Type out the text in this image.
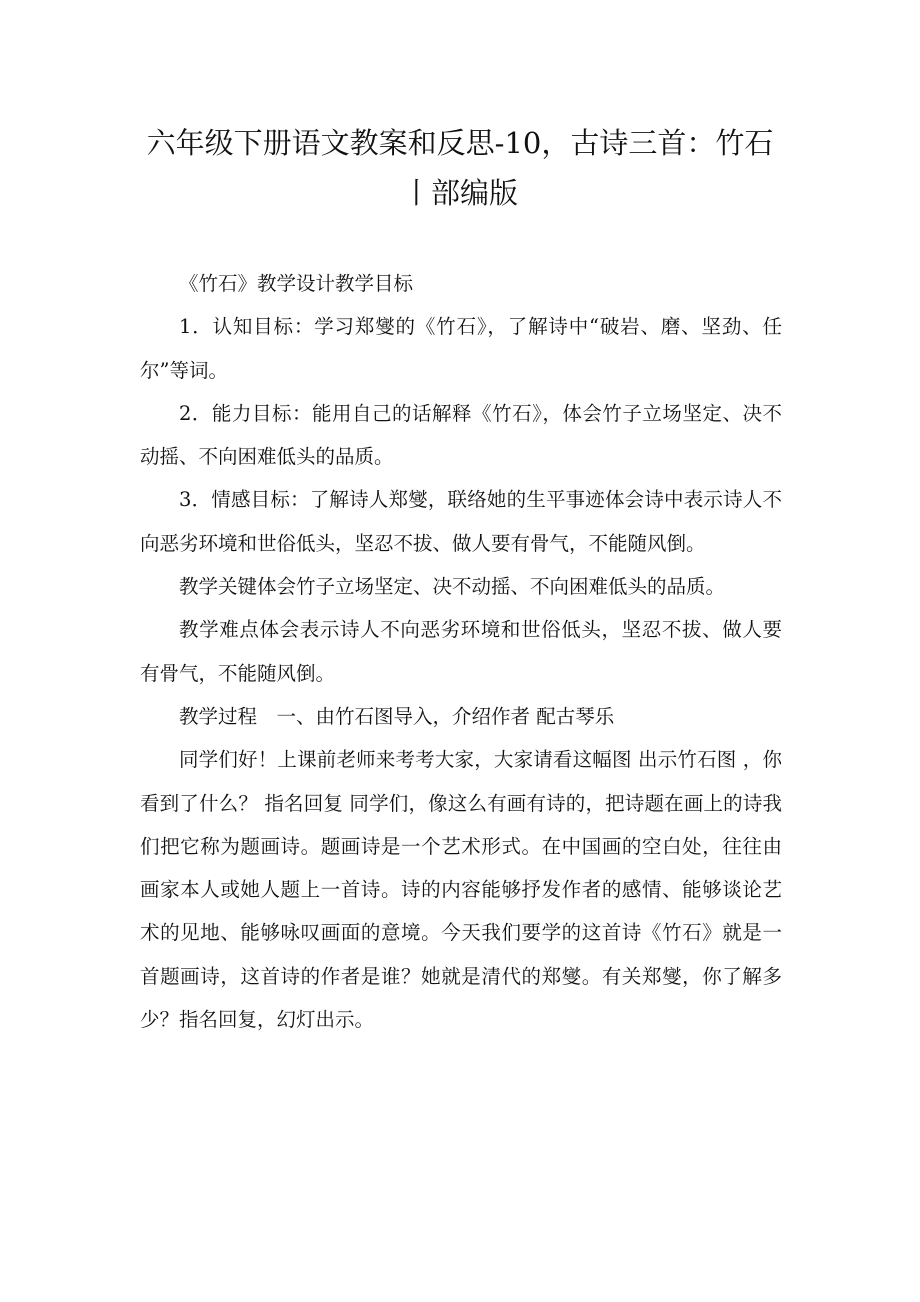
六年级下册语文教案和反思-10，古诗三首：竹石丨部编版

《竹石》教学设计教学目标

1．认知目标：学习郑燮的《竹石》，了解诗中“破岩、磨、坚劲、任尔”等词。

2．能力目标：能用自己的话解释《竹石》，体会竹子立场坚定、决不动摇、不向困难低头的品质。

3．情感目标：了解诗人郑燮，联络她的生平事迹体会诗中表示诗人不向恶劣环境和世俗低头，坚忍不拔、做人要有骨气，不能随风倒。

教学关键体会竹子立场坚定、决不动摇、不向困难低头的品质。

教学难点体会表示诗人不向恶劣环境和世俗低头，坚忍不拔、做人要有骨气，不能随风倒。

教学过程　一、由竹石图导入，介绍作者 配古琴乐

同学们好！上课前老师来考考大家，大家请看这幅图 出示竹石图 ，你看到了什么？ 指名回复 同学们，像这么有画有诗的，把诗题在画上的诗我们把它称为题画诗。题画诗是一个艺术形式。在中国画的空白处，往往由画家本人或她人题上一首诗。诗的内容能够抒发作者的感情、能够谈论艺术的见地、能够咏叹画面的意境。今天我们要学的这首诗《竹石》就是一首题画诗，这首诗的作者是谁？她就是清代的郑燮。有关郑燮，你了解多少？指名回复，幻灯出示。
